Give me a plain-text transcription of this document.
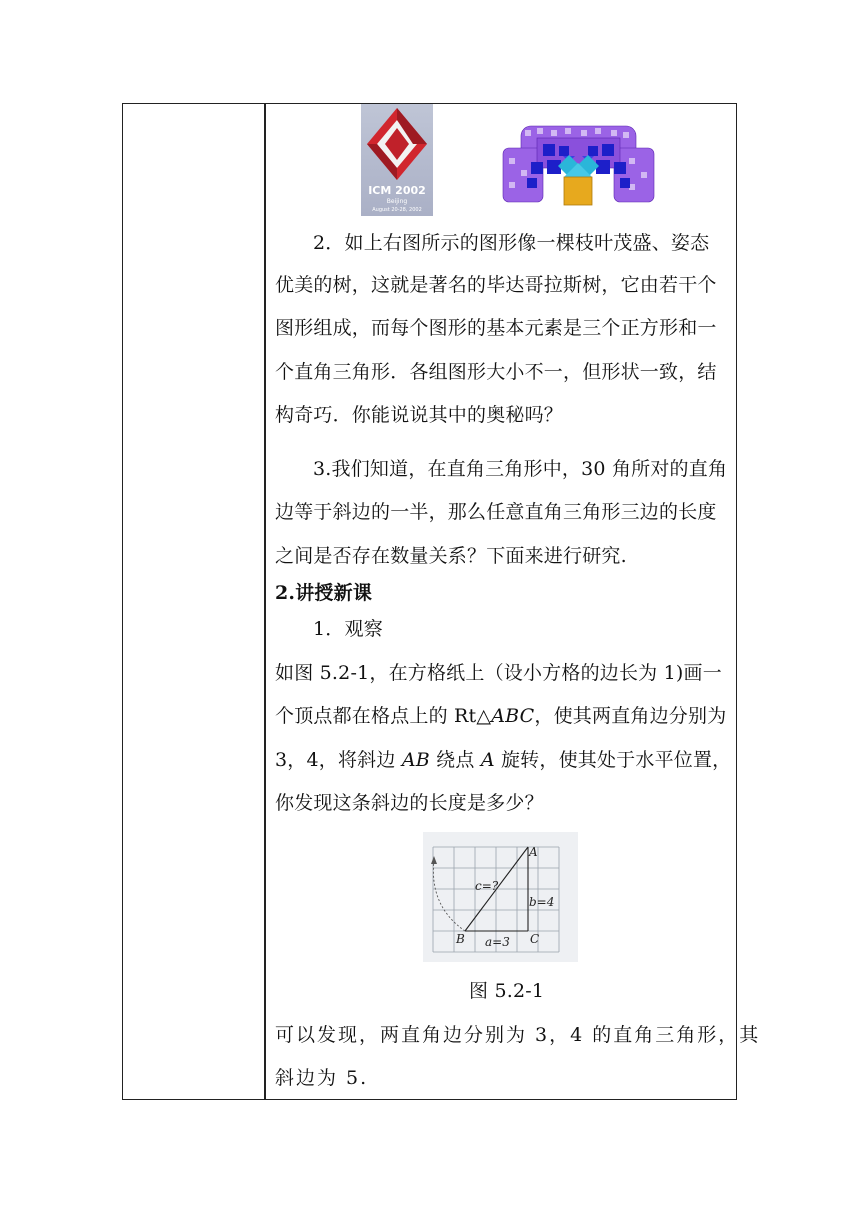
ICM 2002
Beijing
August 20-28, 2002
2．如上右图所示的图形像一棵枝叶茂盛、姿态
优美的树，这就是著名的毕达哥拉斯树，它由若干个
图形组成，而每个图形的基本元素是三个正方形和一
个直角三角形．各组图形大小不一，但形状一致，结
构奇巧．你能说说其中的奥秘吗？
3.我们知道，在直角三角形中，30 角所对的直角
边等于斜边的一半，那么任意直角三角形三边的长度
之间是否存在数量关系？下面来进行研究.
2.讲授新课
1．观察
如图 5.2-1，在方格纸上（设小方格的边长为 1)画一
个顶点都在格点上的 Rt△ABC，使其两直角边分别为
3，4，将斜边 AB 绕点 A 旋转，使其处于水平位置，
你发现这条斜边的长度是多少？
A
B	C
c=?
b=4
a=3
图 5.2-1
可以发现，两直角边分别为 3，4 的直角三角形，其
斜边为 5.
